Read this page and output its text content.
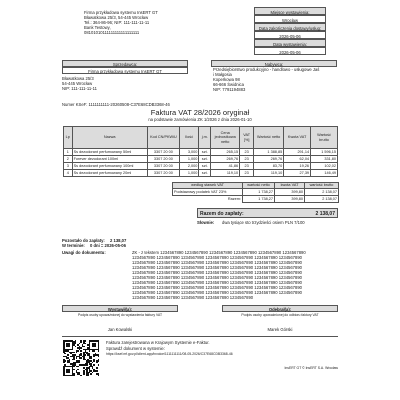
Firma przykładowa systemu InsERT GT
Bławatkowa 25/3, 54-445 Wrocław
Tel.: 364-86-96; NIP: 111-111-11-11
Bank Testowy,
08101010111111111111111111
Miejsce wystawienia:
Wrocław
Data zakończenia dostawy/usług:
2026-05-06
Data wystawienia:
2026-05-06
Sprzedawca:
Firma przykładowa systemu InsERT GT
Bławatkowa 25/3
54-445 Wrocław
NIP: 111-111-11-11
Nabywca:
Przedsiębiorstwo produkcyjno - handlowo - usługowe Jaś
i Małgosia
Koperkowa 98
66-666 Świdnica
NIP: 7791194883
Numer KSeF: 1111111111-20260508-C37E68CDB3368-46
Faktura VAT 28/2026 oryginał
na podstawie zamówienia ZK 1/2026 z dnia 2026-01-10
Lp	Nazwa	Kod CN/PKWiU	Ilość	j.m.	Cena jednostkowa netto	VAT [%]	Wartość netto	Kwota VAT	Wartość brutto
1	Ss dezodorant perfumowany 50ml	3307 20 00	3,000	szt.	265,15	23	1 388,85	291,14	1 596,15
2	Forever dezodorant 100ml	3307 20 00	1,000	szt.	269,76	23	269,76	62,04	331,80
3	Ss dezodorant perfumowany 100ml	3307 20 00	2,000	szt.	41,86	23	83,70	19,26	102,02
4	Ss dezodorant perfumowany 20ml	3307 20 00	1,000	szt.	119,10	23	119,10	27,39	146,49
według stawek VAT	wartość netto	kwota VAT	wartość brutto
Podstawowy podatek VAT 23%	1 738,27	399,80	2 138,07
Razem:	1 738,27	399,80	2 138,07
Razem do zapłaty:	2 138,07
Słownie: dwa tysiące sto trzydzieści osiem PLN 7/100
Pozostało do zapłaty: 2 138,07
W terminie: 0 dni = 2026-05-06
Uwagi do dokumentu:	ZK - z tekstem 1234567890 1234567890 1234567890 1234567890 1234567890 1234567890
1234567890 1234567890 1234567890 1234567890 1234567890 1234567890 1234567890
1234567890 1234567890 1234567890 1234567890 1234567890 1234567890 1234567890
1234567890 1234567890 1234567890 1234567890 1234567890 1234567890 1234567890
1234567890 1234567890 1234567890 1234567890 1234567890 1234567890 1234567890
1234567890 1234567890 1234567890 1234567890 1234567890 1234567890 1234567890
1234567890 1234567890 1234567890 1234567890 1234567890 1234567890 1234567890
1234567890 1234567890 1234567890 1234567890 1234567890 1234567890 1234567890
1234567890 1234567890 1234567890 1234567890 1234567890 1234567890 1234567890
1234567890 1234567890 1234567890 1234567890 1234567890
Wystawił(a):
Podpis osoby upoważnionej do wystawienia faktury VAT
Jan Kowalski
Odebrał(a):
Podpis osoby upoważnionej do odbioru faktury VAT
Marek Górski
Faktura zarejestrowana w Krajowym Systemie e-Faktur.
Sprawdź dokument w systemie:
https://ksef.mf.gov.pl/client-app/invoice/1111111111/08-05-2026/C37E68CDB3368-46
InsERT GT © InsERT S.A. Wrocław
